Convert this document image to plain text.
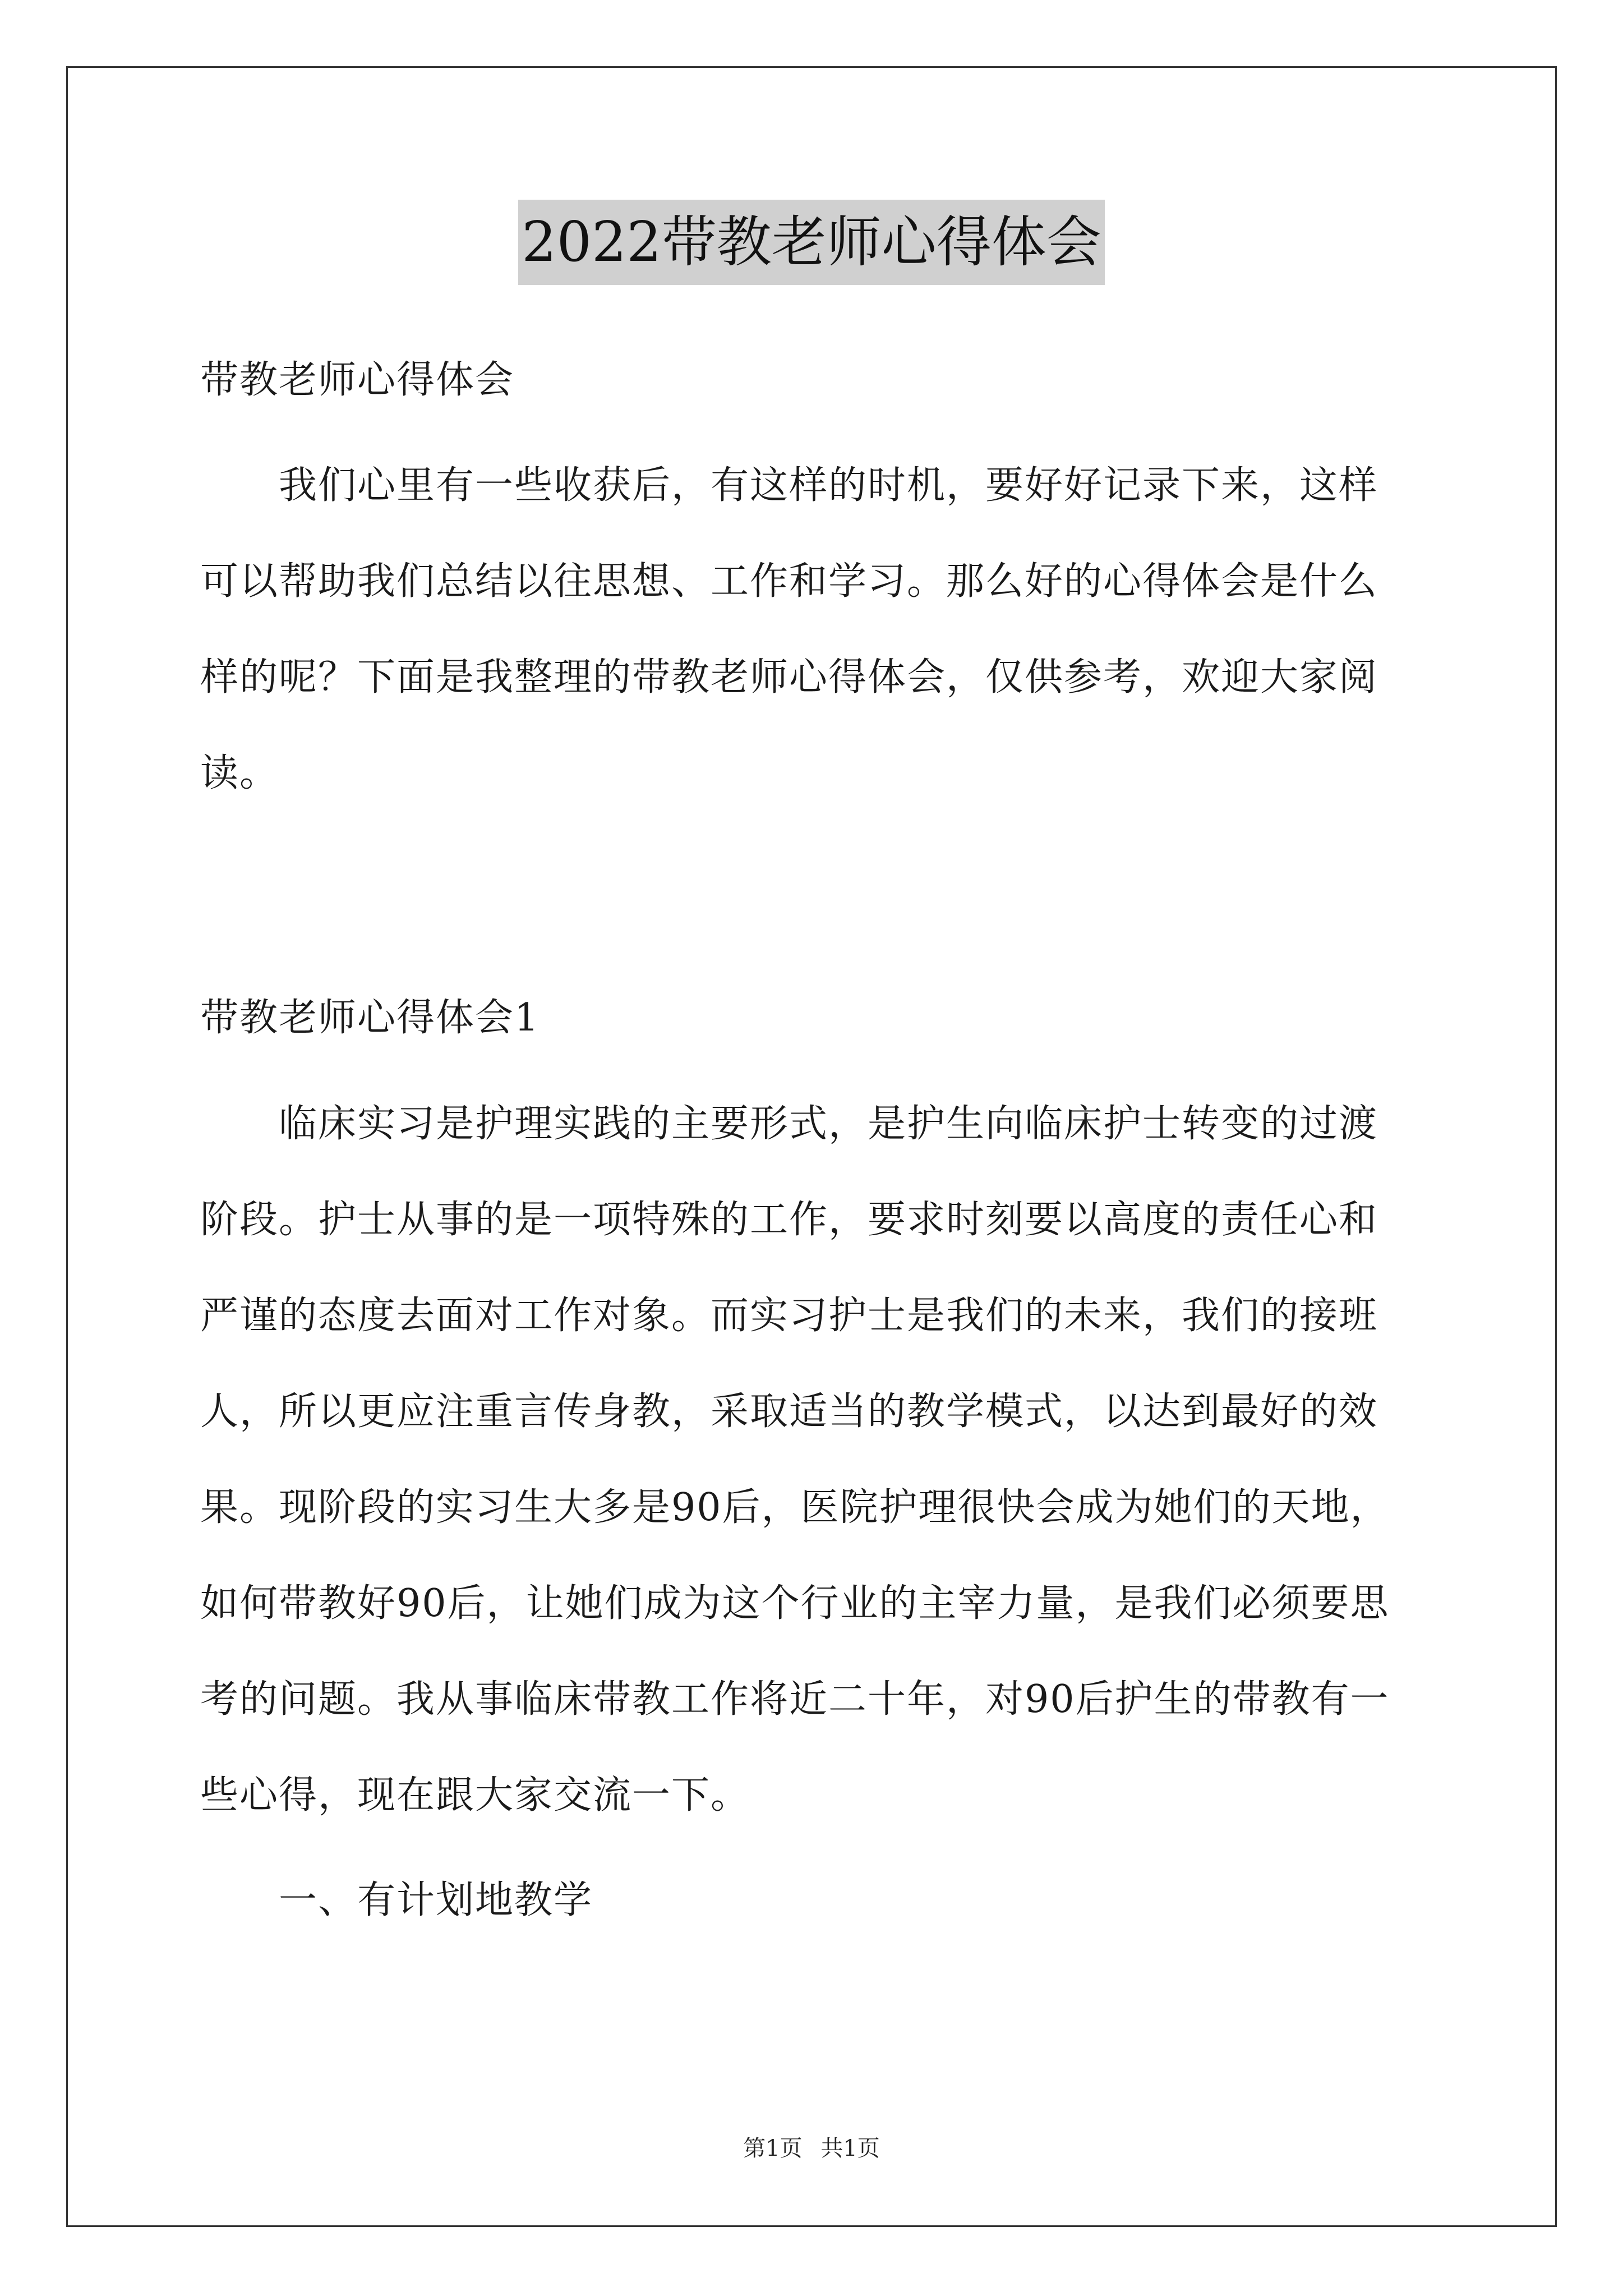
2022带教老师心得体会
带教老师心得体会
我们心里有一些收获后，有这样的时机，要好好记录下来，这样
可以帮助我们总结以往思想、工作和学习。那么好的心得体会是什么
样的呢？下面是我整理的带教老师心得体会，仅供参考，欢迎大家阅
读。
带教老师心得体会1
临床实习是护理实践的主要形式，是护生向临床护士转变的过渡
阶段。护士从事的是一项特殊的工作，要求时刻要以高度的责任心和
严谨的态度去面对工作对象。而实习护士是我们的未来，我们的接班
人，所以更应注重言传身教，采取适当的教学模式，以达到最好的效
果。现阶段的实习生大多是90后，医院护理很快会成为她们的天地，
如何带教好90后，让她们成为这个行业的主宰力量，是我们必须要思
考的问题。我从事临床带教工作将近二十年，对90后护生的带教有一
些心得，现在跟大家交流一下。
一、有计划地教学
第1页 共1页
